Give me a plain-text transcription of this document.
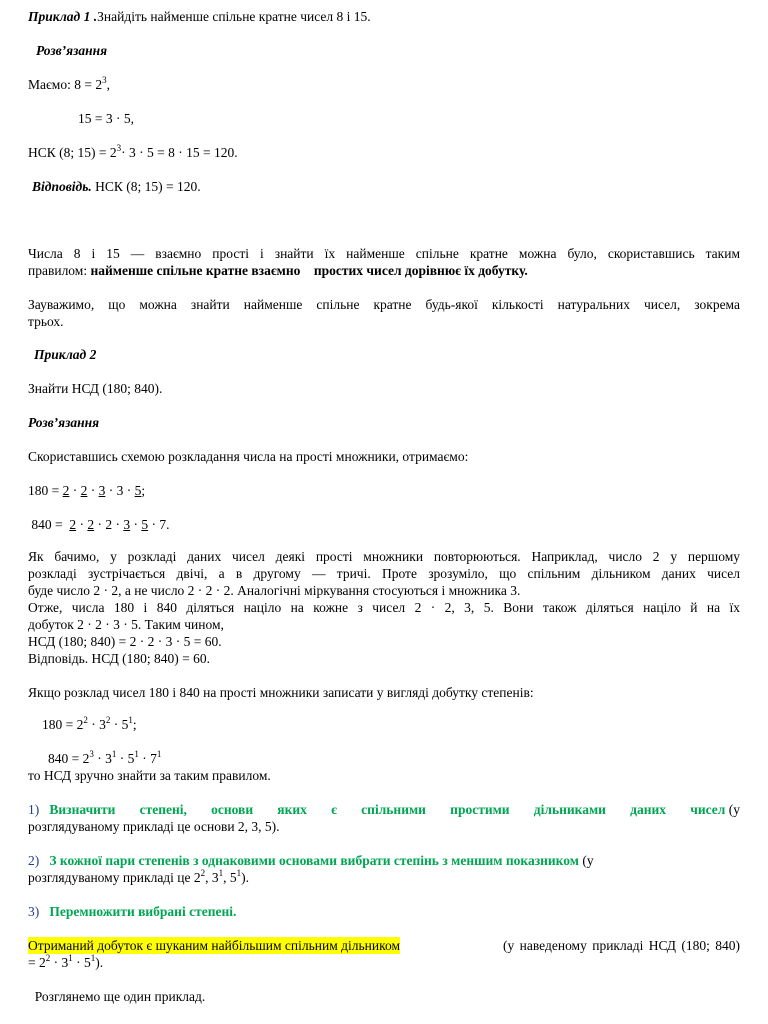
Приклад 1 .Знайдіть найменше спільне кратне чисел 8 і 15.
Розв’язання
Маємо: $8 = 2^3$,
15 = 3 · 5,
НСК (8; $15) = 2^3\cdot 3 \cdot 5 = 8 \cdot 15 = 120$.
Відповідь. НСК (8; 15) = 120.
Числа 8 і 15 — взаємно прості і знайти їх найменше спільне кратне можна було, скориставшись таким
правилом: найменше спільне кратне взаємно    простих чисел дорівнює їх добутку.
Зауважимо, що можна знайти найменше спільне кратне будь-якої кількості натуральних чисел, зокрема
трьох.
Приклад 2
Знайти НСД (180; 840).
Розв’язання
Скориставшись схемою розкладання числа на прості множники, отримаємо:
180 = 2 · 2 · 3 · 3 · 5;
840 =  2 · 2 · 2 · 3 · 5 · 7.
Як бачимо, у розкладі даних чисел деякі прості множники повторюються. Наприклад, число 2 у першому
розкладі зустрічається двічі, а в другому — тричі. Проте зрозуміло, що спільним дільником даних чисел
буде число 2 · 2, а не число 2 · 2 · 2. Аналогічні міркування стосуються і множника 3.
Отже, числа 180 і 840 діляться націло на кожне з чисел 2 · 2, 3, 5. Вони також діляться націло й на їх
добуток 2 · 2 · 3 · 5. Таким чином,
НСД (180; 840) = 2 · 2 · 3 · 5 = 60.
Відповідь. НСД (180; 840) = 60.
Якщо розклад чисел 180 і 840 на прості множники записати у вигляді добутку степенів:
$180 = 2^2 \cdot 3^2 \cdot 5^1$;
$840 = 2^3 \cdot 3^1 \cdot 5^1 \cdot 7^1$
то НСД зручно знайти за таким правилом.
1) Визначити степені, основи яких є спільними простими дільниками даних чисел (у
розглядуваному прикладі це основи 2, 3, 5).
2) З кожної пари степенів з однаковими основами вибрати степінь з меншим показником (у
розглядуваному прикладі це $2^2$, $3^1$, $5^1$).
3) Перемножити вибрані степені.
Отриманий добуток є шуканим найбільшим спільним дільником	(у наведеному прикладі НСД (180; 840)
= $2^2 \cdot 3^1 \cdot 5^1$).
Розглянемо ще один приклад.
